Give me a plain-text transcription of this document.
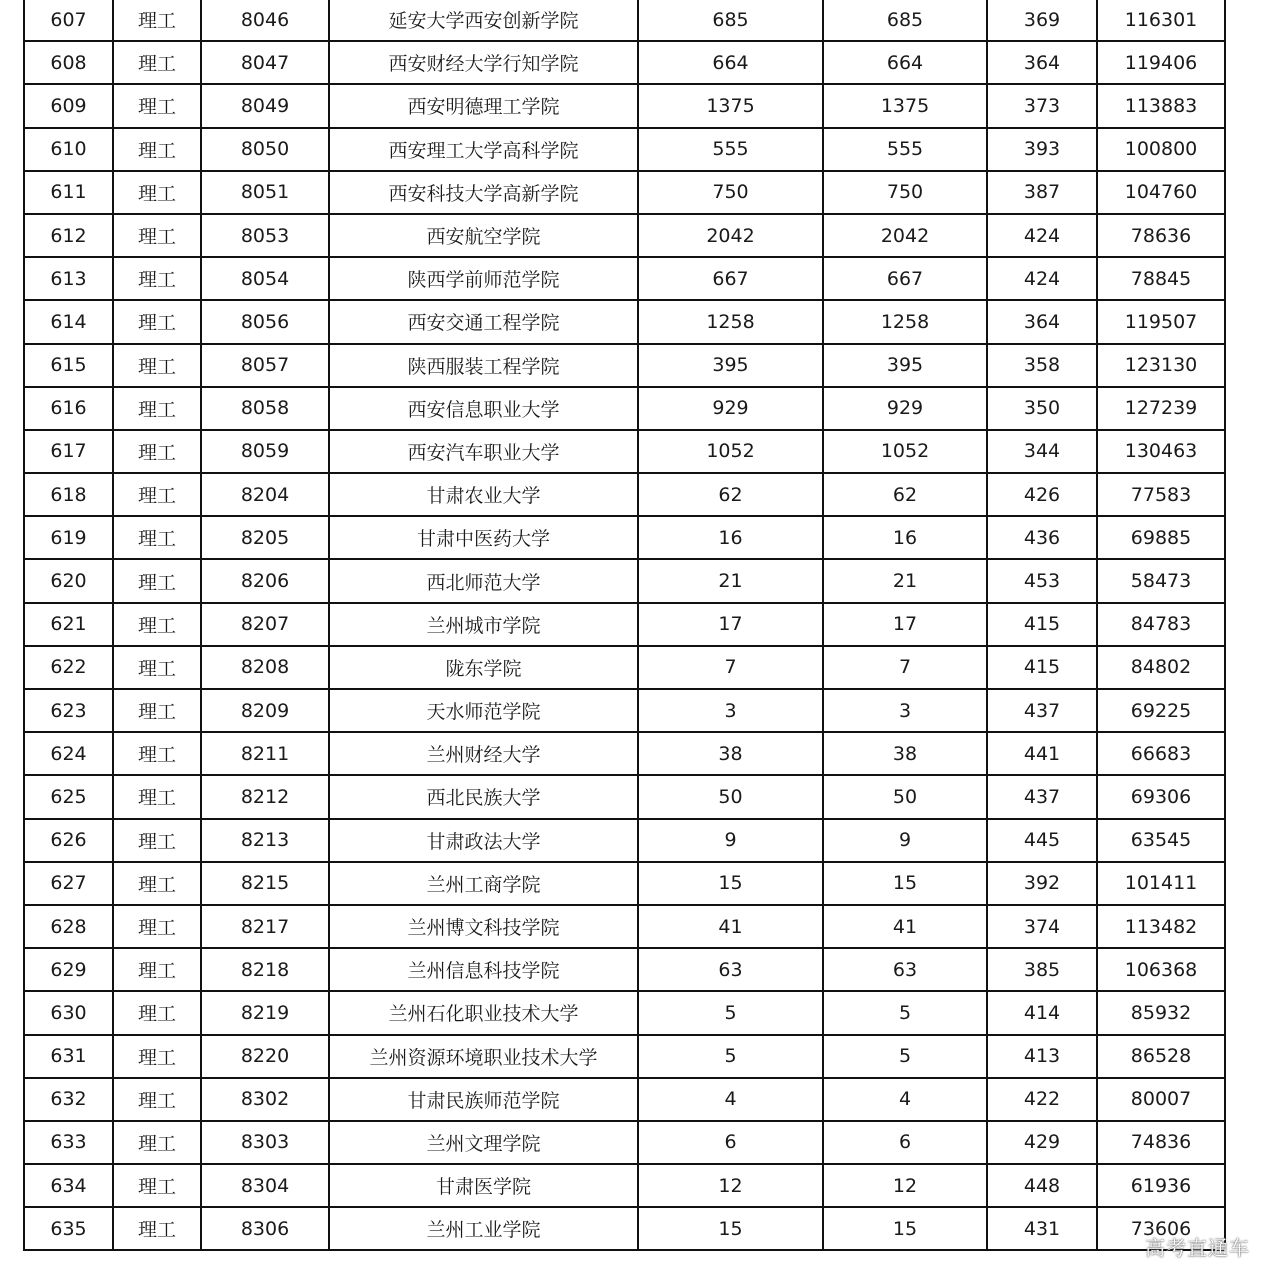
607	理工	8046	延安大学西安创新学院	685	685	369	116301
608	理工	8047	西安财经大学行知学院	664	664	364	119406
609	理工	8049	西安明德理工学院	1375	1375	373	113883
610	理工	8050	西安理工大学高科学院	555	555	393	100800
611	理工	8051	西安科技大学高新学院	750	750	387	104760
612	理工	8053	西安航空学院	2042	2042	424	78636
613	理工	8054	陕西学前师范学院	667	667	424	78845
614	理工	8056	西安交通工程学院	1258	1258	364	119507
615	理工	8057	陕西服装工程学院	395	395	358	123130
616	理工	8058	西安信息职业大学	929	929	350	127239
617	理工	8059	西安汽车职业大学	1052	1052	344	130463
618	理工	8204	甘肃农业大学	62	62	426	77583
619	理工	8205	甘肃中医药大学	16	16	436	69885
620	理工	8206	西北师范大学	21	21	453	58473
621	理工	8207	兰州城市学院	17	17	415	84783
622	理工	8208	陇东学院	7	7	415	84802
623	理工	8209	天水师范学院	3	3	437	69225
624	理工	8211	兰州财经大学	38	38	441	66683
625	理工	8212	西北民族大学	50	50	437	69306
626	理工	8213	甘肃政法大学	9	9	445	63545
627	理工	8215	兰州工商学院	15	15	392	101411
628	理工	8217	兰州博文科技学院	41	41	374	113482
629	理工	8218	兰州信息科技学院	63	63	385	106368
630	理工	8219	兰州石化职业技术大学	5	5	414	85932
631	理工	8220	兰州资源环境职业技术大学	5	5	413	86528
632	理工	8302	甘肃民族师范学院	4	4	422	80007
633	理工	8303	兰州文理学院	6	6	429	74836
634	理工	8304	甘肃医学院	12	12	448	61936
635	理工	8306	兰州工业学院	15	15	431	73606
高考直通车
